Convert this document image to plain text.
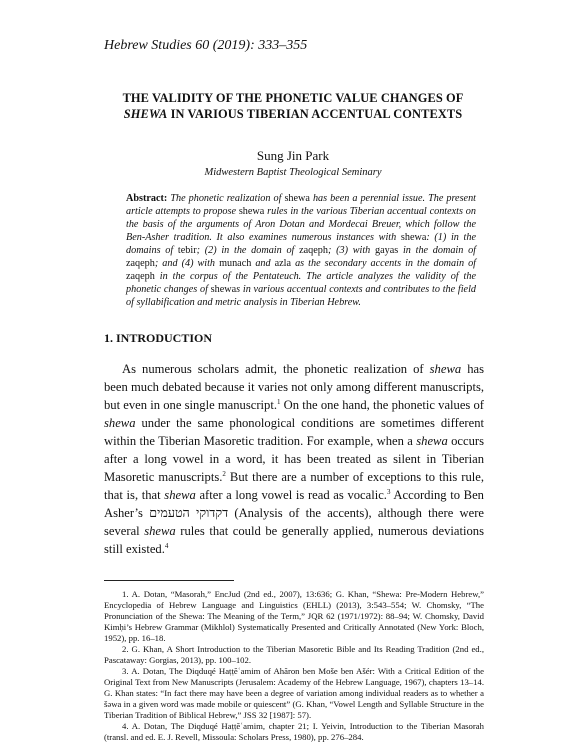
Hebrew Studies 60 (2019): 333–355
THE VALIDITY OF THE PHONETIC VALUE CHANGES OF
SHEWA IN VARIOUS TIBERIAN ACCENTUAL CONTEXTS
Sung Jin Park
Midwestern Baptist Theological Seminary
Abstract: The phonetic realization of shewa has been a perennial issue. The present article attempts to propose shewa rules in the various Tiberian accentual contexts on the basis of the arguments of Aron Dotan and Mordecai Breuer, which follow the Ben-Asher tradition. It also examines numerous instances with shewa: (1) in the domains of tebir; (2) in the domain of zaqeph; (3) with gayas in the domain of zaqeph; and (4) with munach and azla as the secondary accents in the domain of zaqeph in the corpus of the Pentateuch. The article analyzes the validity of the phonetic changes of shewas in various accentual contexts and contributes to the field of syllabification and metric analysis in Tiberian Hebrew.
1. INTRODUCTION

As numerous scholars admit, the phonetic realization of shewa has been much debated because it varies not only among different manuscripts, but even in one single manuscript.$^1$ On the one hand, the phonetic values of shewa under the same phonological conditions are sometimes different within the Tiberian Masoretic tradition. For example, when a shewa occurs after a long vowel in a word, it has been treated as silent in Tiberian Masoretic manuscripts.$^2$ But there are a number of exceptions to this rule, that is, that shewa after a long vowel is read as vocalic.$^3$ According to Ben Asher’s דקדוקי הטעמים (Analysis of the accents), although there were several shewa rules that could be generally applied, numerous deviations still existed.$^4$

1. A. Dotan, “Masorah,” EncJud (2nd ed., 2007), 13:636; G. Khan, “Shewa: Pre-Modern Hebrew,” Encyclopedia of Hebrew Language and Linguistics (EHLL) (2013), 3:543–554; W. Chomsky, “The Pronunciation of the Shewa: The Meaning of the Term,” JQR 62 (1971/1972): 88–94; W. Chomsky, David Kimḥi’s Hebrew Grammar (Mikhlol) Systematically Presented and Critically Annotated (New York: Bloch, 1952), pp. 16–18.

2. G. Khan, A Short Introduction to the Tiberian Masoretic Bible and Its Reading Tradition (2nd ed., Pascataway: Gorgias, 2013), pp. 100–102.

3. A. Dotan, The Diqduqé Haṭṭĕʿamim of Ahăron ben Mošе ben Ašér: With a Critical Edition of the Original Text from New Manuscripts (Jerusalem: Academy of the Hebrew Language, 1967), chapters 13–14. G. Khan states: “In fact there may have been a degree of variation among individual readers as to whether a šəwa in a given word was made mobile or quiescent” (G. Khan, “Vowel Length and Syllable Structure in the Tiberian Tradition of Biblical Hebrew,” JSS 32 [1987]: 57).

4. A. Dotan, The Diqduqé Haṭṭĕʿamim, chapter 21; I. Yeivin, Introduction to the Tiberian Masorah (transl. and ed. E. J. Revell, Missoula: Scholars Press, 1980), pp. 276–284.
